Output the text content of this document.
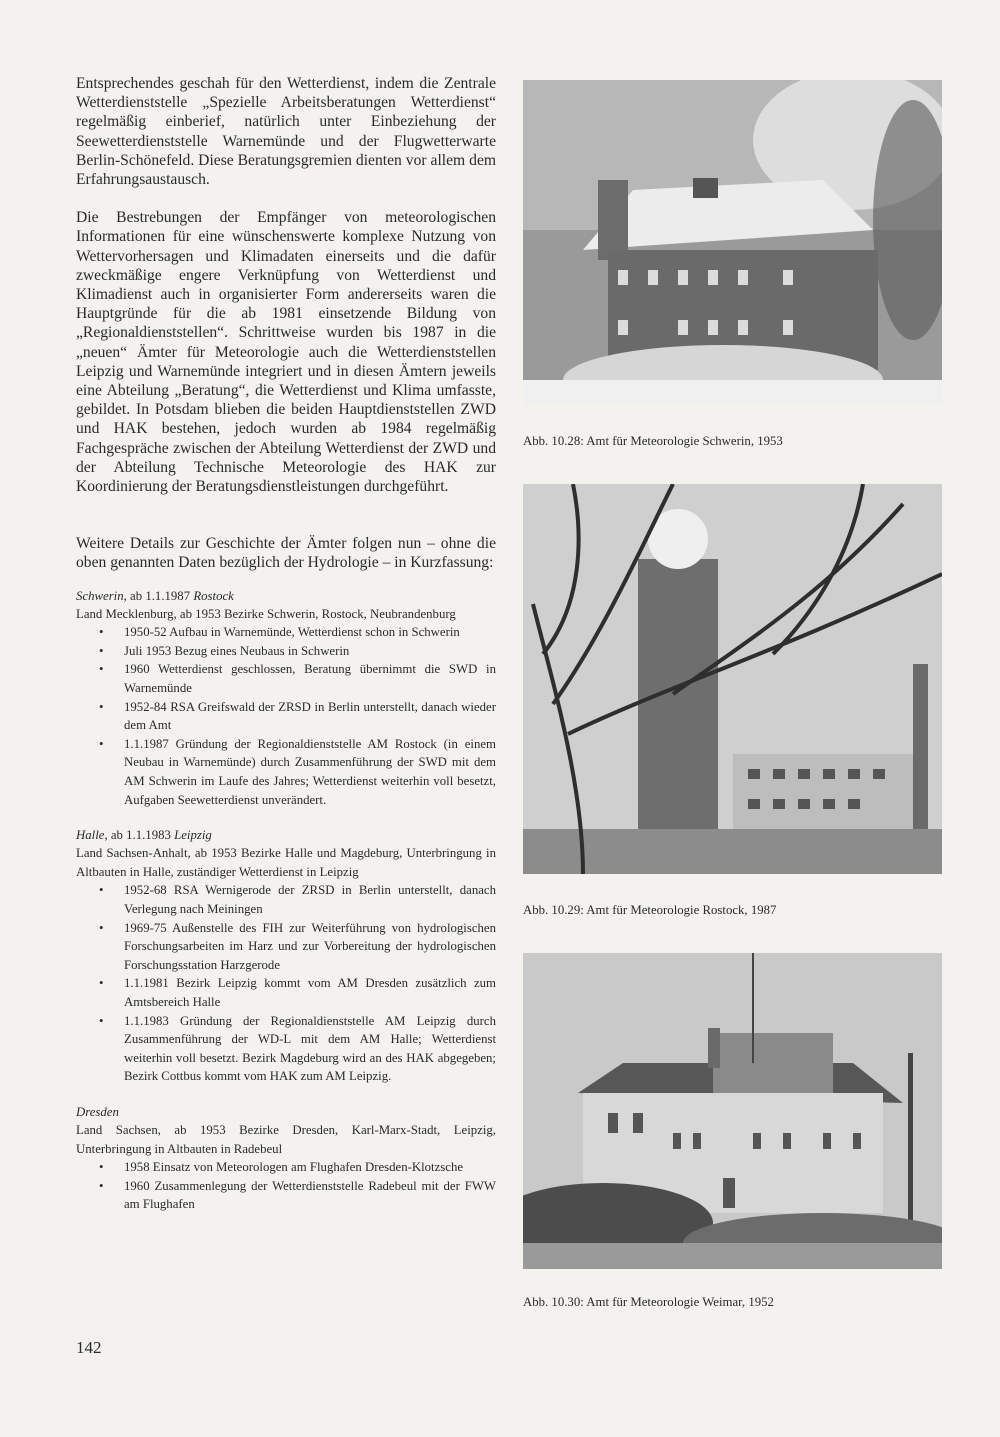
Entsprechendes geschah für den Wetterdienst, indem die Zentrale Wetterdienststelle „Spezielle Arbeitsberatungen Wetterdienst“ regelmäßig einberief, natürlich unter Einbeziehung der Seewetterdienststelle Warnemünde und der Flugwetterwarte Berlin-Schönefeld. Diese Beratungsgremien dienten vor allem dem Erfahrungsaustausch.

Die Bestrebungen der Empfänger von meteorologischen Informationen für eine wünschenswerte komplexe Nutzung von Wettervorhersagen und Klimadaten einerseits und die dafür zweckmäßige engere Verknüpfung von Wetterdienst und Klimadienst auch in organisierter Form andererseits waren die Hauptgründe für die ab 1981 einsetzende Bildung von „Regionaldienststellen“. Schrittweise wurden bis 1987 in die „neuen“ Ämter für Meteorologie auch die Wetterdienststellen Leipzig und Warnemünde integriert und in diesen Ämtern jeweils eine Abteilung „Beratung“, die Wetterdienst und Klima umfasste, gebildet. In Potsdam blieben die beiden Hauptdienststellen ZWD und HAK bestehen, jedoch wurden ab 1984 regelmäßig Fachgespräche zwischen der Abteilung Wetterdienst der ZWD und der Abteilung Technische Meteorologie des HAK zur Koordinierung der Beratungsdienstleistungen durchgeführt.

Weitere Details zur Geschichte der Ämter folgen nun – ohne die oben genannten Daten bezüglich der Hydrologie – in Kurzfassung:

Schwerin, ab 1.1.1987 Rostock

Land Mecklenburg, ab 1953 Bezirke Schwerin, Rostock, Neubrandenburg

• 1950-52 Aufbau in Warnemünde, Wetterdienst schon in Schwerin
• Juli 1953 Bezug eines Neubaus in Schwerin
• 1960 Wetterdienst geschlossen, Beratung übernimmt die SWD in Warnemünde
• 1952-84 RSA Greifswald der ZRSD in Berlin unterstellt, danach wieder dem Amt
• 1.1.1987 Gründung der Regionaldienststelle AM Rostock (in einem Neubau in Warnemünde) durch Zusammenführung der SWD mit dem AM Schwerin im Laufe des Jahres; Wetterdienst weiterhin voll besetzt, Aufgaben Seewetterdienst unverändert.

Halle, ab 1.1.1983 Leipzig

Land Sachsen-Anhalt, ab 1953 Bezirke Halle und Magdeburg, Unterbringung in Altbauten in Halle, zuständiger Wetterdienst in Leipzig

• 1952-68 RSA Wernigerode der ZRSD in Berlin unterstellt, danach Verlegung nach Meiningen
• 1969-75 Außenstelle des FIH zur Weiterführung von hydrologischen Forschungsarbeiten im Harz und zur Vorbereitung der hydrologischen Forschungsstation Harzgerode
• 1.1.1981 Bezirk Leipzig kommt vom AM Dresden zusätzlich zum Amtsbereich Halle
• 1.1.1983 Gründung der Regionaldienststelle AM Leipzig durch Zusammenführung der WD-L mit dem AM Halle; Wetterdienst weiterhin voll besetzt. Bezirk Magdeburg wird an des HAK abgegeben; Bezirk Cottbus kommt vom HAK zum AM Leipzig.

Dresden

Land Sachsen, ab 1953 Bezirke Dresden, Karl-Marx-Stadt, Leipzig, Unterbringung in Altbauten in Radebeul

• 1958 Einsatz von Meteorologen am Flughafen Dresden-Klotzsche
• 1960 Zusammenlegung der Wetterdienststelle Radebeul mit der FWW am Flughafen
142
Abb. 10.28: Amt für Meteorologie Schwerin, 1953
Abb. 10.29: Amt für Meteorologie Rostock, 1987
Abb. 10.30: Amt für Meteorologie Weimar, 1952
